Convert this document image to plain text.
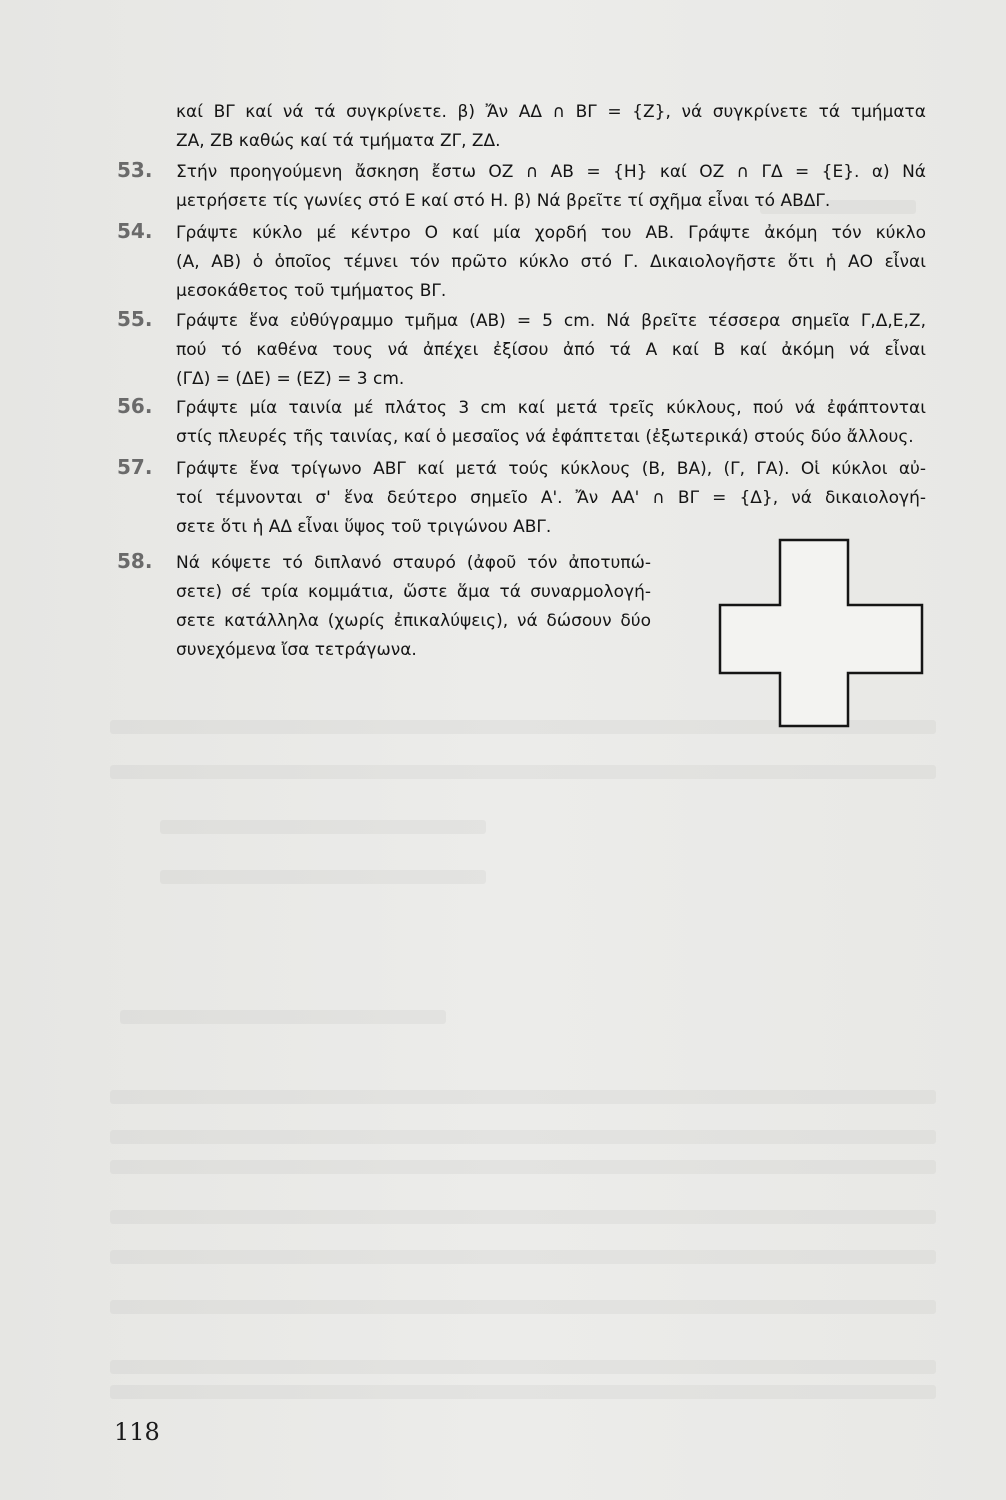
καί ΒΓ καί νά τά συγκρίνετε. β) Ἄν ΑΔ ∩ ΒΓ = {Ζ}, νά συγκρίνετε τά τμήματα
ΖΑ, ΖΒ καθώς καί τά τμήματα ΖΓ, ΖΔ.
53. Στήν προηγούμενη ἄσκηση ἔστω ΟΖ ∩ ΑΒ = {Η} καί ΟΖ ∩ ΓΔ = {Ε}. α) Νά
μετρήσετε τίς γωνίες στό Ε καί στό Η. β) Νά βρεῖτε τί σχῆμα εἶναι τό ΑΒΔΓ.
54. Γράψτε κύκλο μέ κέντρο Ο καί μία χορδή του ΑΒ. Γράψτε ἀκόμη τόν κύκλο
(Α, ΑΒ) ὁ ὁποῖος τέμνει τόν πρῶτο κύκλο στό Γ. Δικαιολογῆστε ὅτι ἡ ΑΟ εἶναι
μεσοκάθετος τοῦ τμήματος ΒΓ.
55. Γράψτε ἕνα εὐθύγραμμο τμῆμα (ΑΒ) = 5 cm. Νά βρεῖτε τέσσερα σημεῖα Γ,Δ,Ε,Ζ,
πού τό καθένα τους νά ἀπέχει ἐξίσου ἀπό τά Α καί Β καί ἀκόμη νά εἶναι
(ΓΔ) = (ΔΕ) = (ΕΖ) = 3 cm.
56. Γράψτε μία ταινία μέ πλάτος 3 cm καί μετά τρεῖς κύκλους, πού νά ἐφάπτονται
στίς πλευρές τῆς ταινίας, καί ὁ μεσαῖος νά ἐφάπτεται (ἐξωτερικά) στούς δύο ἄλλους.
57. Γράψτε ἕνα τρίγωνο ΑΒΓ καί μετά τούς κύκλους (Β, ΒΑ), (Γ, ΓΑ). Οἱ κύκλοι αὐ-
τοί τέμνονται σ' ἕνα δεύτερο σημεῖο Α'. Ἄν ΑΑ' ∩ ΒΓ = {Δ}, νά δικαιολογή-
σετε ὅτι ἡ ΑΔ εἶναι ὕψος τοῦ τριγώνου ΑΒΓ.
58. Νά κόψετε τό διπλανό σταυρό (ἀφοῦ τόν ἀποτυπώ-
σετε) σέ τρία κομμάτια, ὥστε ἅμα τά συναρμολογή-
σετε κατάλληλα (χωρίς ἐπικαλύψεις), νά δώσουν δύο
συνεχόμενα ἴσα τετράγωνα.
118
